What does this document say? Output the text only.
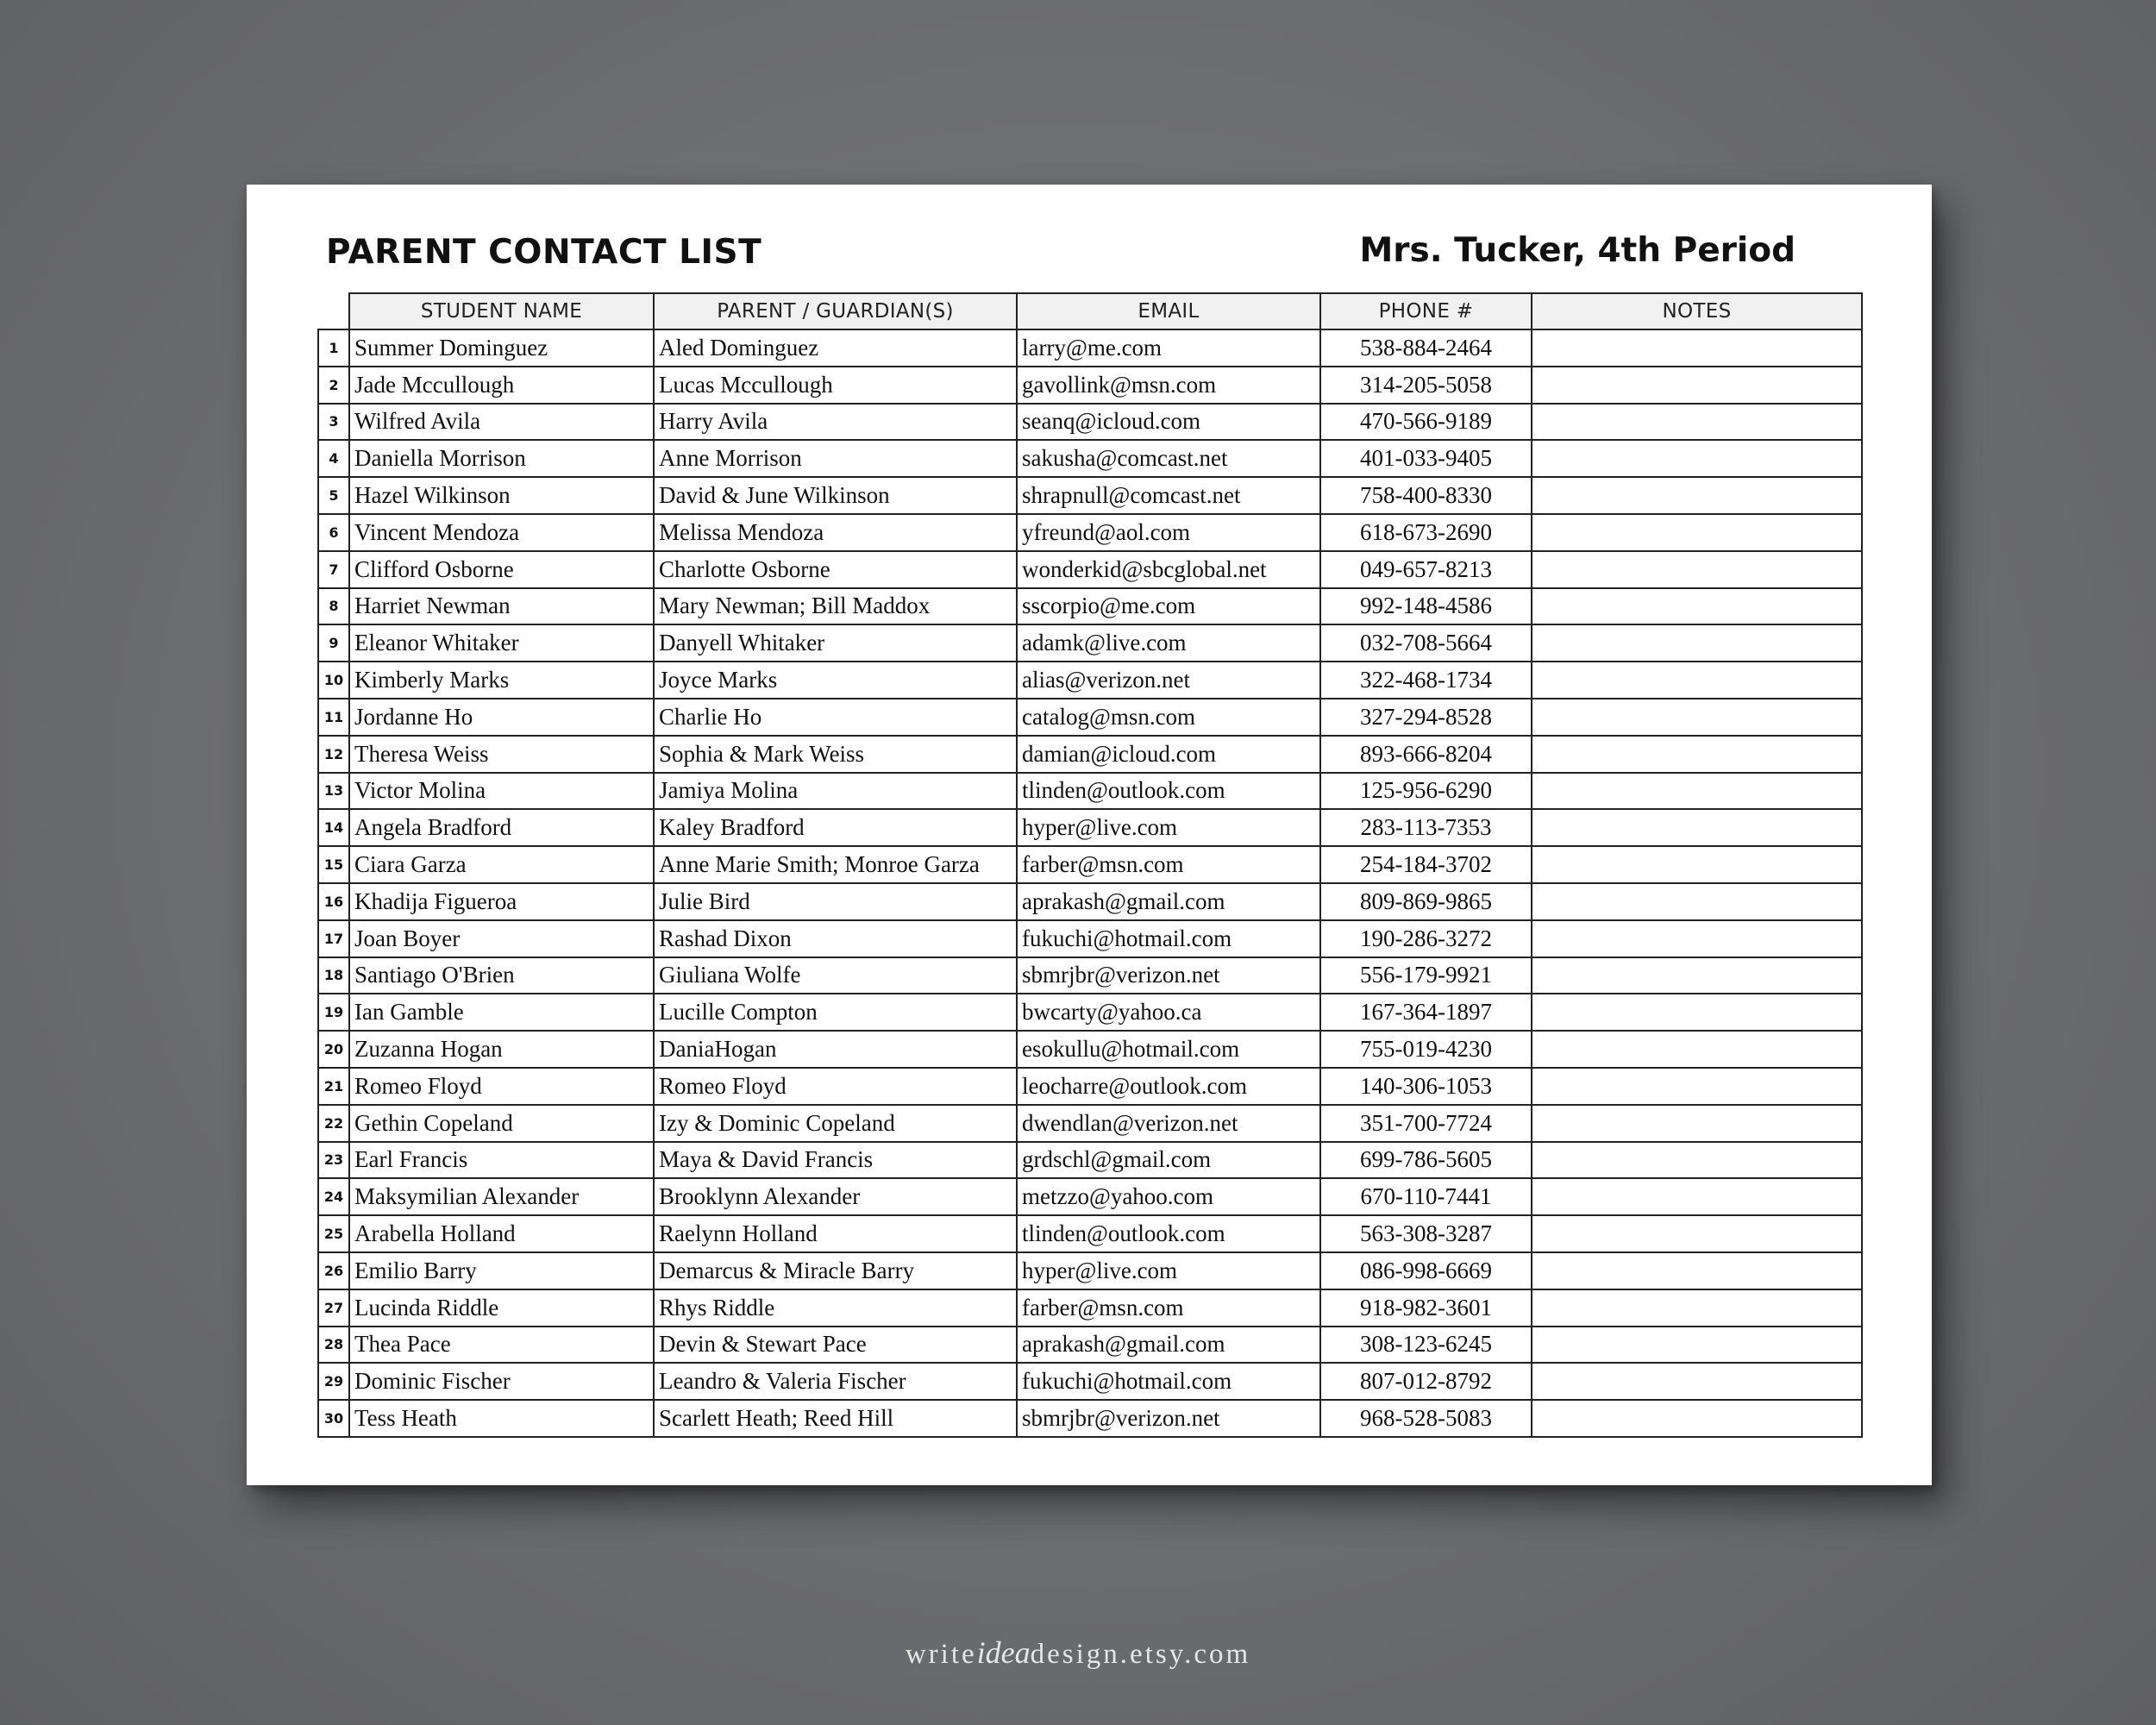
PARENT CONTACT LIST	Mrs. Tucker, 4th Period
	STUDENT NAME	PARENT / GUARDIAN(S)	EMAIL	PHONE #	NOTES
1	Summer Dominguez	Aled Dominguez	larry@me.com	538-884-2464	
2	Jade Mccullough	Lucas Mccullough	gavollink@msn.com	314-205-5058	
3	Wilfred Avila	Harry Avila	seanq@icloud.com	470-566-9189	
4	Daniella Morrison	Anne Morrison	sakusha@comcast.net	401-033-9405	
5	Hazel Wilkinson	David & June Wilkinson	shrapnull@comcast.net	758-400-8330	
6	Vincent Mendoza	Melissa Mendoza	yfreund@aol.com	618-673-2690	
7	Clifford Osborne	Charlotte Osborne	wonderkid@sbcglobal.net	049-657-8213	
8	Harriet Newman	Mary Newman; Bill Maddox	sscorpio@me.com	992-148-4586	
9	Eleanor Whitaker	Danyell Whitaker	adamk@live.com	032-708-5664	
10	Kimberly Marks	Joyce Marks	alias@verizon.net	322-468-1734	
11	Jordanne Ho	Charlie Ho	catalog@msn.com	327-294-8528	
12	Theresa Weiss	Sophia & Mark Weiss	damian@icloud.com	893-666-8204	
13	Victor Molina	Jamiya Molina	tlinden@outlook.com	125-956-6290	
14	Angela Bradford	Kaley Bradford	hyper@live.com	283-113-7353	
15	Ciara Garza	Anne Marie Smith; Monroe Garza	farber@msn.com	254-184-3702	
16	Khadija Figueroa	Julie Bird	aprakash@gmail.com	809-869-9865	
17	Joan Boyer	Rashad Dixon	fukuchi@hotmail.com	190-286-3272	
18	Santiago O'Brien	Giuliana Wolfe	sbmrjbr@verizon.net	556-179-9921	
19	Ian Gamble	Lucille Compton	bwcarty@yahoo.ca	167-364-1897	
20	Zuzanna Hogan	DaniaHogan	esokullu@hotmail.com	755-019-4230	
21	Romeo Floyd	Romeo Floyd	leocharre@outlook.com	140-306-1053	
22	Gethin Copeland	Izy & Dominic Copeland	dwendlan@verizon.net	351-700-7724	
23	Earl Francis	Maya & David Francis	grdschl@gmail.com	699-786-5605	
24	Maksymilian Alexander	Brooklynn Alexander	metzzo@yahoo.com	670-110-7441	
25	Arabella Holland	Raelynn Holland	tlinden@outlook.com	563-308-3287	
26	Emilio Barry	Demarcus & Miracle Barry	hyper@live.com	086-998-6669	
27	Lucinda Riddle	Rhys Riddle	farber@msn.com	918-982-3601	
28	Thea Pace	Devin & Stewart Pace	aprakash@gmail.com	308-123-6245	
29	Dominic Fischer	Leandro & Valeria Fischer	fukuchi@hotmail.com	807-012-8792	
30	Tess Heath	Scarlett Heath; Reed Hill	sbmrjbr@verizon.net	968-528-5083	
writeideadesign.etsy.com
